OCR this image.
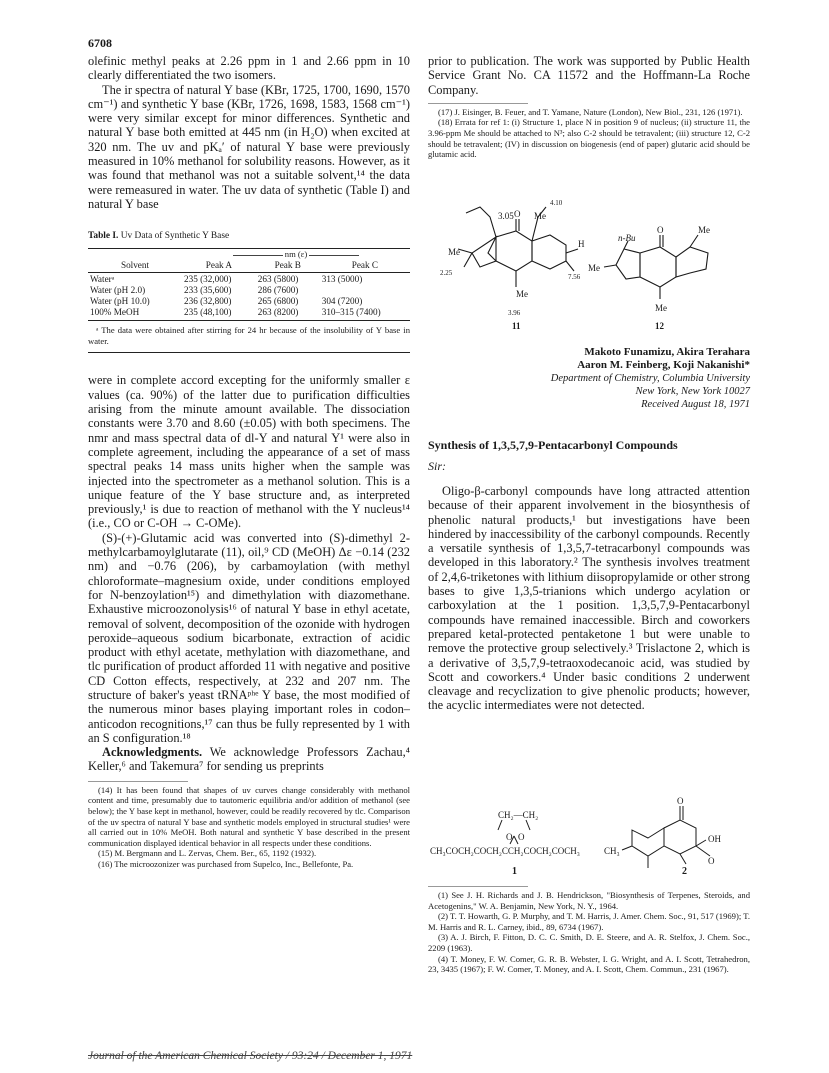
6708

olefinic methyl peaks at 2.26 ppm in 1 and 2.66 ppm in 10 clearly differentiated the two isomers.

The ir spectra of natural Y base (KBr, 1725, 1700, 1690, 1570 cm⁻¹) and synthetic Y base (KBr, 1726, 1698, 1583, 1568 cm⁻¹) were very similar except for minor differences. Synthetic and natural Y base both emitted at 445 nm (in H₂O) when excited at 320 nm. The uv and pKₐ′ of natural Y base were previously measured in 10% methanol for solubility reasons. However, as it was found that methanol was not a suitable solvent,¹⁴ the data were remeasured in water. The uv data of synthetic (Table I) and natural Y base

Table I. Uv Data of Synthetic Y Base
	nm (ε)		
Solvent	Peak A	Peak B	Peak C

Waterᵃ	235 (32,000)	263 (5800)	313 (5000)
Water (pH 2.0)	233 (35,600)	286 (7600)	
Water (pH 10.0)	236 (32,800)	265 (6800)	304 (7200)
100% MeOH	235 (48,100)	263 (8200)	310–315 (7400)

ᵃ The data were obtained after stirring for 24 hr because of the insolubility of Y base in water.

were in complete accord excepting for the uniformly smaller ε values (ca. 90%) of the latter due to purification difficulties arising from the minute amount available. The dissociation constants were 3.70 and 8.60 (±0.05) with both specimens. The nmr and mass spectral data of dl-Y and natural Y¹ were also in complete agreement, including the appearance of a set of mass spectral peaks 14 mass units higher when the sample was injected into the spectrometer as a methanol solution. This is a unique feature of the Y base structure and, as interpreted previously,¹ is due to reaction of methanol with the Y nucleus¹⁴ (i.e., CO or C-OH → C-OMe).

(S)-(+)-Glutamic acid was converted into (S)-dimethyl 2-methylcarbamoylglutarate (11), oil,⁹ CD (MeOH) Δε −0.14 (232 nm) and −0.76 (206), by carbamoylation (with methyl chloroformate–magnesium oxide, under conditions employed for N-benzoylation¹⁵) and dimethylation with diazomethane. Exhaustive microozonolysis¹⁶ of natural Y base in ethyl acetate, removal of solvent, decomposition of the ozonide with hydrogen peroxide–aqueous sodium bicarbonate, extraction of acidic product with ethyl acetate, methylation with diazomethane, and tlc purification of product afforded 11 with negative and positive CD Cotton effects, respectively, at 232 and 207 nm. The structure of baker's yeast tRNAᵖʰᵉ Y base, the most modified of the numerous minor bases playing important roles in codon–anticodon recognitions,¹⁷ can thus be fully represented by 1 with an S configuration.¹⁸

Acknowledgments. We acknowledge Professors Zachau,⁴ Keller,⁶ and Takemura⁷ for sending us preprints

(14) It has been found that shapes of uv curves change considerably with methanol content and time, presumably due to tautomeric equilibria and/or addition of methanol (see below); the Y base kept in methanol, however, could be readily recovered by tlc. Comparison of the uv spectra of natural Y base and synthetic models employed in structural studies¹ were all carried out in 10% MeOH. Both natural and synthetic Y base described in the present communication displayed identical behavior in all respects under these conditions.

(15) M. Bergmann and L. Zervas, Chem. Ber., 65, 1192 (1932).

(16) The microozonizer was purchased from Supelco, Inc., Bellefonte, Pa.

prior to publication. The work was supported by Public Health Service Grant No. CA 11572 and the Hoffmann-La Roche Company.

(17) J. Eisinger, B. Feuer, and T. Yamane, Nature (London), New Biol., 231, 126 (1971).

(18) Errata for ref 1: (i) Structure 1, place N in position 9 of nucleus; (ii) structure 11, the 3.96-ppm Me should be attached to N³; also C-2 should be tetravalent; (iii) structure 12, C-2 should be tetravalent; (IV) in discussion on biogenesis (end of paper) glutaric acid should be glutamic acid.

3.05 O Me
4.10
Me
2.25
H
7.56
Me
3.96
11
n-Bu
O	Me
Me
Me
12
Makoto Funamizu, Akira Terahara
Aaron M. Feinberg, Koji Nakanishi*
Department of Chemistry, Columbia University
New York, New York 10027
Received August 18, 1971
Synthesis of 1,3,5,7,9-Pentacarbonyl Compounds
Sir:

Oligo-β-carbonyl compounds have long attracted attention because of their apparent involvement in the biosynthesis of phenolic natural products,¹ but investigations have been hindered by inaccessibility of the carbonyl compounds. Recently a versatile synthesis of 1,3,5,7-tetracarbonyl compounds was developed in this laboratory.² The synthesis involves treatment of 2,4,6-triketones with lithium diisopropylamide or other strong bases to give 1,3,5-trianions which undergo acylation or carboxylation at the 1 position. 1,3,5,7,9-Pentacarbonyl compounds have remained inaccessible. Birch and coworkers prepared ketal-protected pentaketone 1 but were unable to remove the protective group selectively.³ Trislactone 2, which is a derivative of 3,5,7,9-tetraoxodecanoic acid, was studied by Scott and coworkers.⁴ Under basic conditions 2 underwent cleavage and recyclization to give phenolic products; however, the acyclic intermediates were not detected.

CH₂—CH₂
O O
CH₃COCH₂COCH₂CCH₂COCH₂COCH₃
1
O
OH
O
CH₃
2

(1) See J. H. Richards and J. B. Hendrickson, "Biosynthesis of Terpenes, Steroids, and Acetogenins," W. A. Benjamin, New York, N. Y., 1964.

(2) T. T. Howarth, G. P. Murphy, and T. M. Harris, J. Amer. Chem. Soc., 91, 517 (1969); T. M. Harris and R. L. Carney, ibid., 89, 6734 (1967).

(3) A. J. Birch, F. Fitton, D. C. C. Smith, D. E. Steere, and A. R. Stelfox, J. Chem. Soc., 2209 (1963).

(4) T. Money, F. W. Comer, G. R. B. Webster, I. G. Wright, and A. I. Scott, Tetrahedron, 23, 3435 (1967); F. W. Comer, T. Money, and A. I. Scott, Chem. Commun., 231 (1967).

Journal of the American Chemical Society / 93:24 / December 1, 1971
